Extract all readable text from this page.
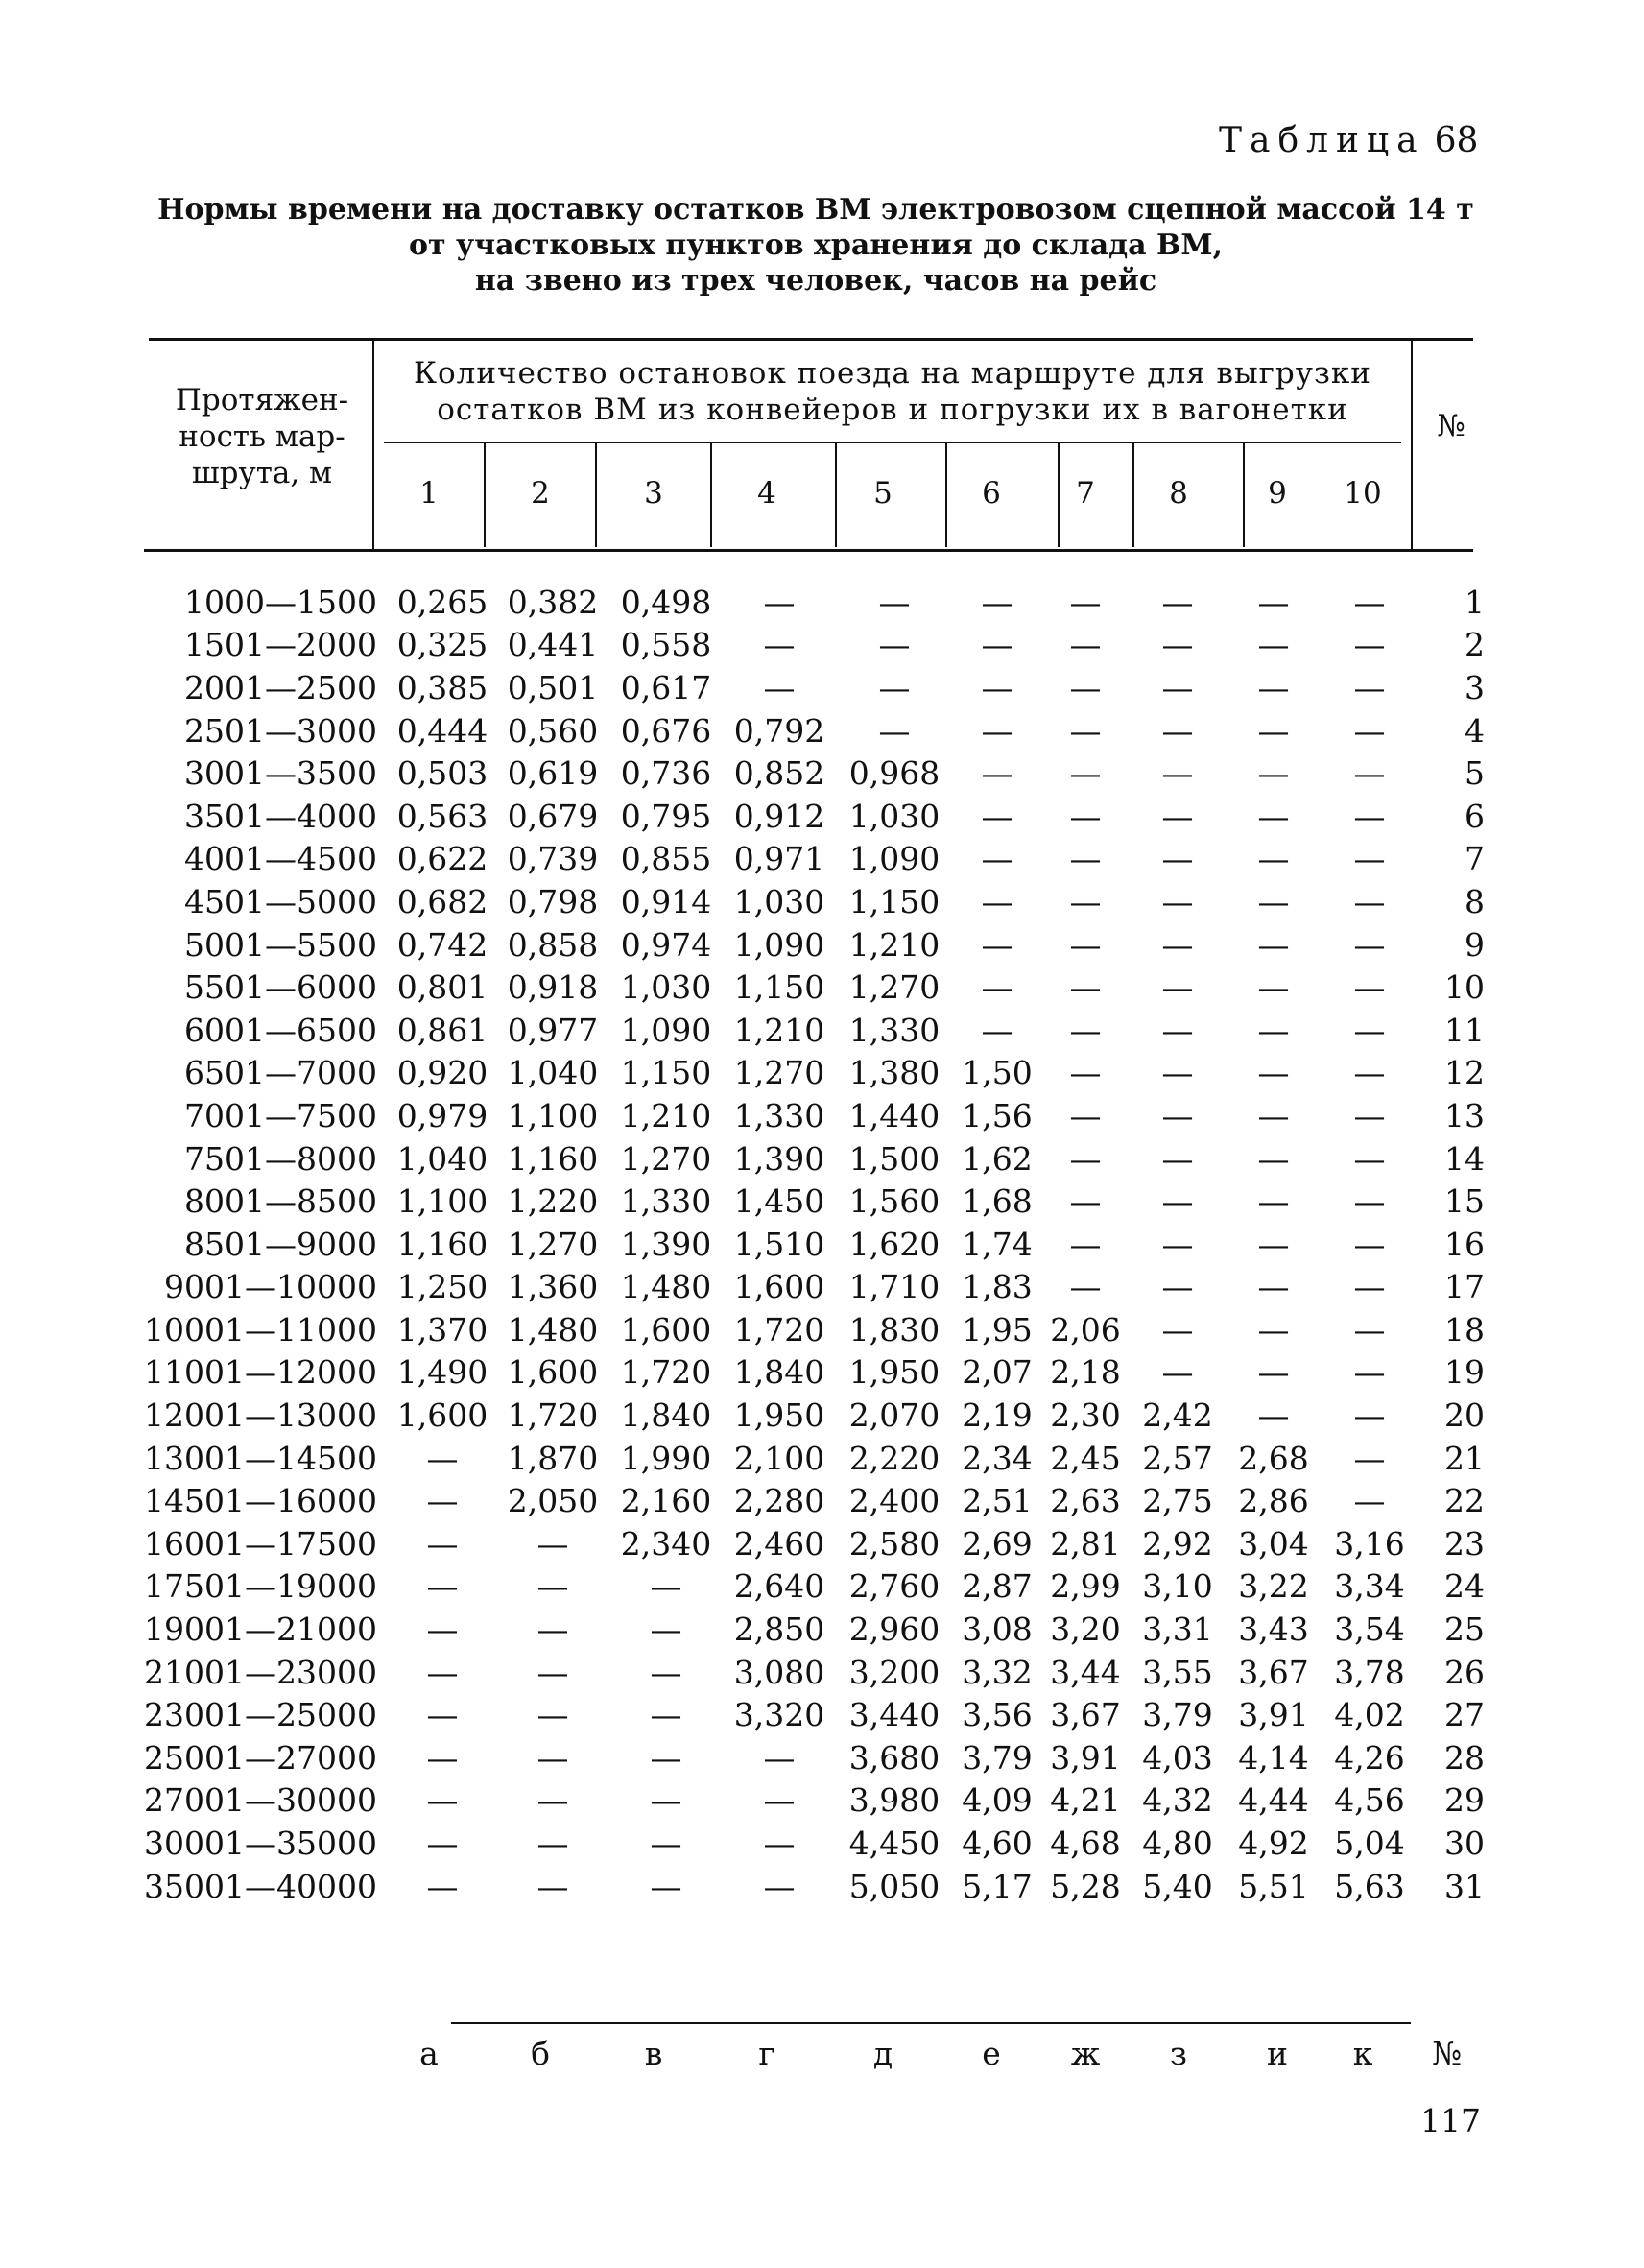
Таблица 68
Нормы времени на доставку остатков ВМ электровозом сцепной массой 14 т
от участковых пунктов хранения до склада ВМ,
на звено из трех человек, часов на рейс
Протяжен-
ность мар-
шрута, м
Количество остановок поезда на маршруте для выгрузки
остатков ВМ из конвейеров и погрузки их в вагонетки	№
1	2	3	4	5	6	7	8	9	10
1000—1500	0,265	0,382	0,498	—	—	—	—	—	—	—	1
1501—2000	0,325	0,441	0,558	—	—	—	—	—	—	—	2
2001—2500	0,385	0,501	0,617	—	—	—	—	—	—	—	3
2501—3000	0,444	0,560	0,676	0,792	—	—	—	—	—	—	4
3001—3500	0,503	0,619	0,736	0,852	0,968	—	—	—	—	—	5
3501—4000	0,563	0,679	0,795	0,912	1,030	—	—	—	—	—	6
4001—4500	0,622	0,739	0,855	0,971	1,090	—	—	—	—	—	7
4501—5000	0,682	0,798	0,914	1,030	1,150	—	—	—	—	—	8
5001—5500	0,742	0,858	0,974	1,090	1,210	—	—	—	—	—	9
5501—6000	0,801	0,918	1,030	1,150	1,270	—	—	—	—	—	10
6001—6500	0,861	0,977	1,090	1,210	1,330	—	—	—	—	—	11
6501—7000	0,920	1,040	1,150	1,270	1,380	1,50	—	—	—	—	12
7001—7500	0,979	1,100	1,210	1,330	1,440	1,56	—	—	—	—	13
7501—8000	1,040	1,160	1,270	1,390	1,500	1,62	—	—	—	—	14
8001—8500	1,100	1,220	1,330	1,450	1,560	1,68	—	—	—	—	15
8501—9000	1,160	1,270	1,390	1,510	1,620	1,74	—	—	—	—	16
9001—10000	1,250	1,360	1,480	1,600	1,710	1,83	—	—	—	—	17
10001—11000	1,370	1,480	1,600	1,720	1,830	1,95	2,06	—	—	—	18
11001—12000	1,490	1,600	1,720	1,840	1,950	2,07	2,18	—	—	—	19
12001—13000	1,600	1,720	1,840	1,950	2,070	2,19	2,30	2,42	—	—	20
13001—14500	—	1,870	1,990	2,100	2,220	2,34	2,45	2,57	2,68	—	21
14501—16000	—	2,050	2,160	2,280	2,400	2,51	2,63	2,75	2,86	—	22
16001—17500	—	—	2,340	2,460	2,580	2,69	2,81	2,92	3,04	3,16	23
17501—19000	—	—	—	2,640	2,760	2,87	2,99	3,10	3,22	3,34	24
19001—21000	—	—	—	2,850	2,960	3,08	3,20	3,31	3,43	3,54	25
21001—23000	—	—	—	3,080	3,200	3,32	3,44	3,55	3,67	3,78	26
23001—25000	—	—	—	3,320	3,440	3,56	3,67	3,79	3,91	4,02	27
25001—27000	—	—	—	—	3,680	3,79	3,91	4,03	4,14	4,26	28
27001—30000	—	—	—	—	3,980	4,09	4,21	4,32	4,44	4,56	29
30001—35000	—	—	—	—	4,450	4,60	4,68	4,80	4,92	5,04	30
35001—40000	—	—	—	—	5,050	5,17	5,28	5,40	5,51	5,63	31
а	б	в	г	д	е	ж	з	и к №
117
